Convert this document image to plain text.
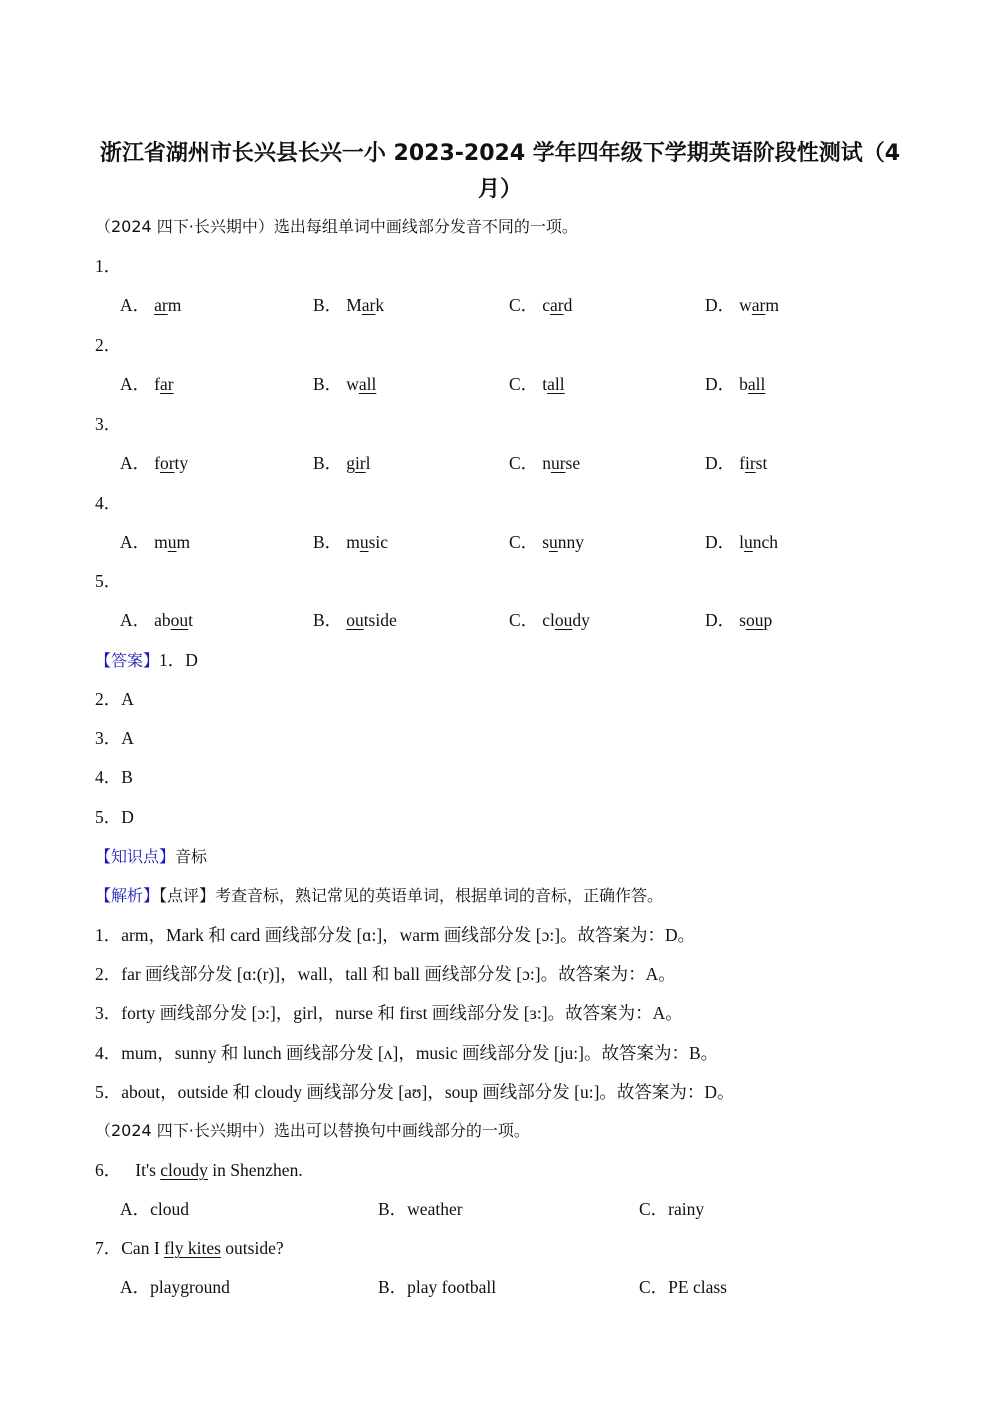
浙江省湖州市长兴县长兴一小 2023-2024 学年四年级下学期英语阶段性测试（4
月）
（2024 四下·长兴期中）选出每组单词中画线部分发音不同的一项。
1．
A． arm	B． Mark	C． card	D． warm
2．
A． far	B． wall	C． tall	D． ball
3．
A． forty	B． girl	C． nurse	D． first
4．
A． mum	B． music	C． sunny	D． lunch
5．
A． about	B． outside	C． cloudy	D． soup
【答案】1．D
2．A
3．A
4．B
5．D
【知识点】音标
【解析】【点评】考查音标，熟记常见的英语单词，根据单词的音标，正确作答。
1．arm，Mark 和 card 画线部分发 [ɑ:]，warm 画线部分发 [ɔ:]。故答案为：D。
2．far 画线部分发 [ɑ:(r)]，wall，tall 和 ball 画线部分发 [ɔ:]。故答案为：A。
3．forty 画线部分发 [ɔ:]，girl，nurse 和 first 画线部分发 [ɜ:]。故答案为：A。
4．mum，sunny 和 lunch 画线部分发 [ʌ]，music 画线部分发 [ju:]。故答案为：B。
5．about，outside 和 cloudy 画线部分发 [aʊ]，soup 画线部分发 [u:]。故答案为：D。
（2024 四下·长兴期中）选出可以替换句中画线部分的一项。
6． It's cloudy in Shenzhen.
A．cloud	B．weather	C．rainy
7．Can I fly kites outside?
A．playground	B．play football	C．PE class
